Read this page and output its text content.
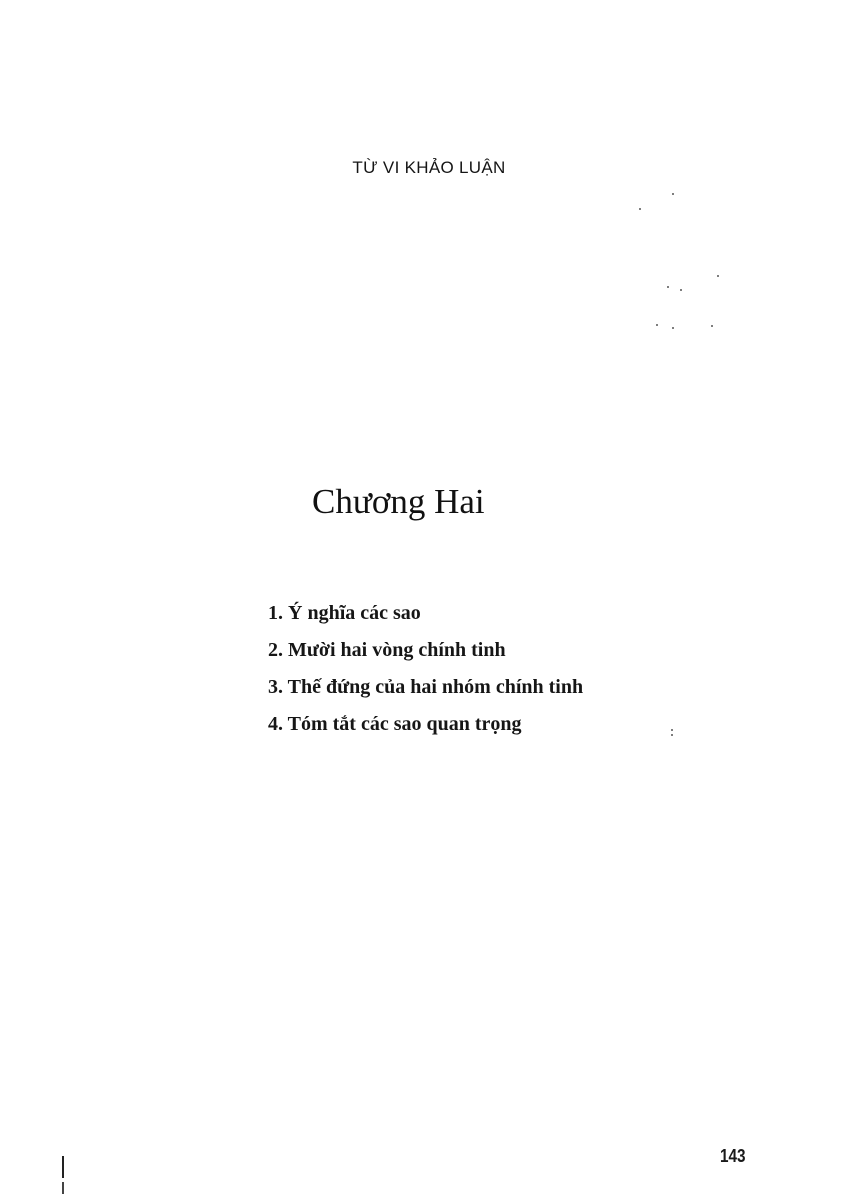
TỪ VI KHẢO LUẬN
Chương Hai
1. Ý nghĩa các sao
2. Mười hai vòng chính tinh
3. Thế đứng của hai nhóm chính tinh
4. Tóm tắt các sao quan trọng
143
